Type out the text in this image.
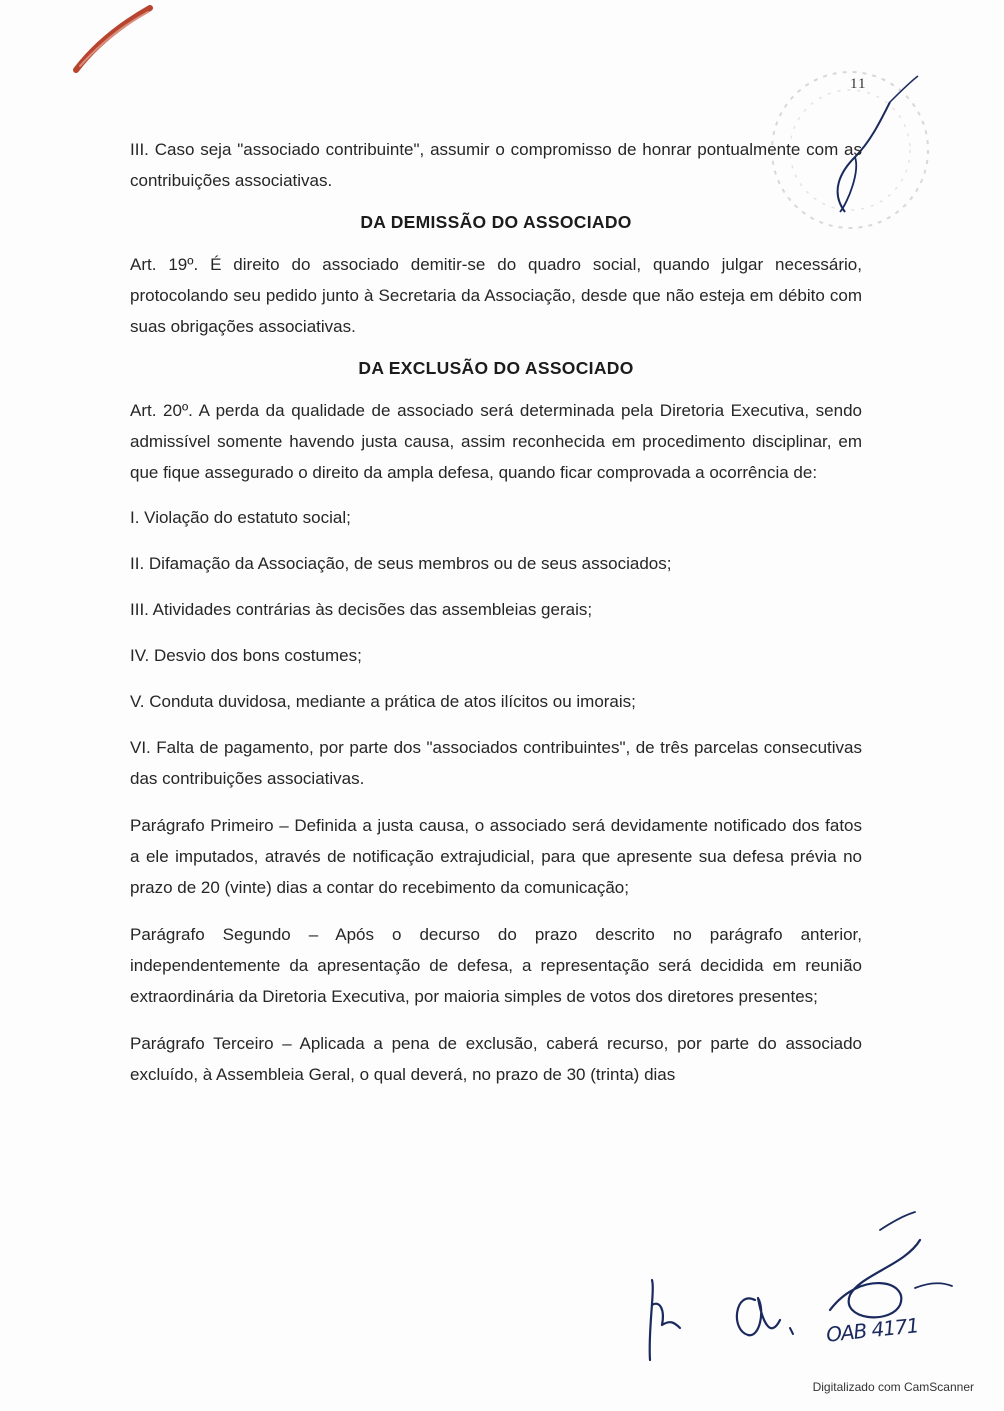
11

III. Caso seja "associado contribuinte", assumir o compromisso de honrar pontualmente com as contribuições associativas.

DA DEMISSÃO DO ASSOCIADO

Art. 19º. É direito do associado demitir-se do quadro social, quando julgar necessário, protocolando seu pedido junto à Secretaria da Associação, desde que não esteja em débito com suas obrigações associativas.

DA EXCLUSÃO DO ASSOCIADO

Art. 20º. A perda da qualidade de associado será determinada pela Diretoria Executiva, sendo admissível somente havendo justa causa, assim reconhecida em procedimento disciplinar, em que fique assegurado o direito da ampla defesa, quando ficar comprovada a ocorrência de:

I. Violação do estatuto social;

II. Difamação da Associação, de seus membros ou de seus associados;

III. Atividades contrárias às decisões das assembleias gerais;

IV. Desvio dos bons costumes;

V. Conduta duvidosa, mediante a prática de atos ilícitos ou imorais;

VI. Falta de pagamento, por parte dos "associados contribuintes", de três parcelas consecutivas das contribuições associativas.

Parágrafo Primeiro – Definida a justa causa, o associado será devidamente notificado dos fatos a ele imputados, através de notificação extrajudicial, para que apresente sua defesa prévia no prazo de 20 (vinte) dias a contar do recebimento da comunicação;

Parágrafo Segundo – Após o decurso do prazo descrito no parágrafo anterior, independentemente da apresentação de defesa, a representação será decidida em reunião extraordinária da Diretoria Executiva, por maioria simples de votos dos diretores presentes;

Parágrafo Terceiro – Aplicada a pena de exclusão, caberá recurso, por parte do associado excluído, à Assembleia Geral, o qual deverá, no prazo de 30 (trinta) dias

OAB 4171
Digitalizado com CamScanner
